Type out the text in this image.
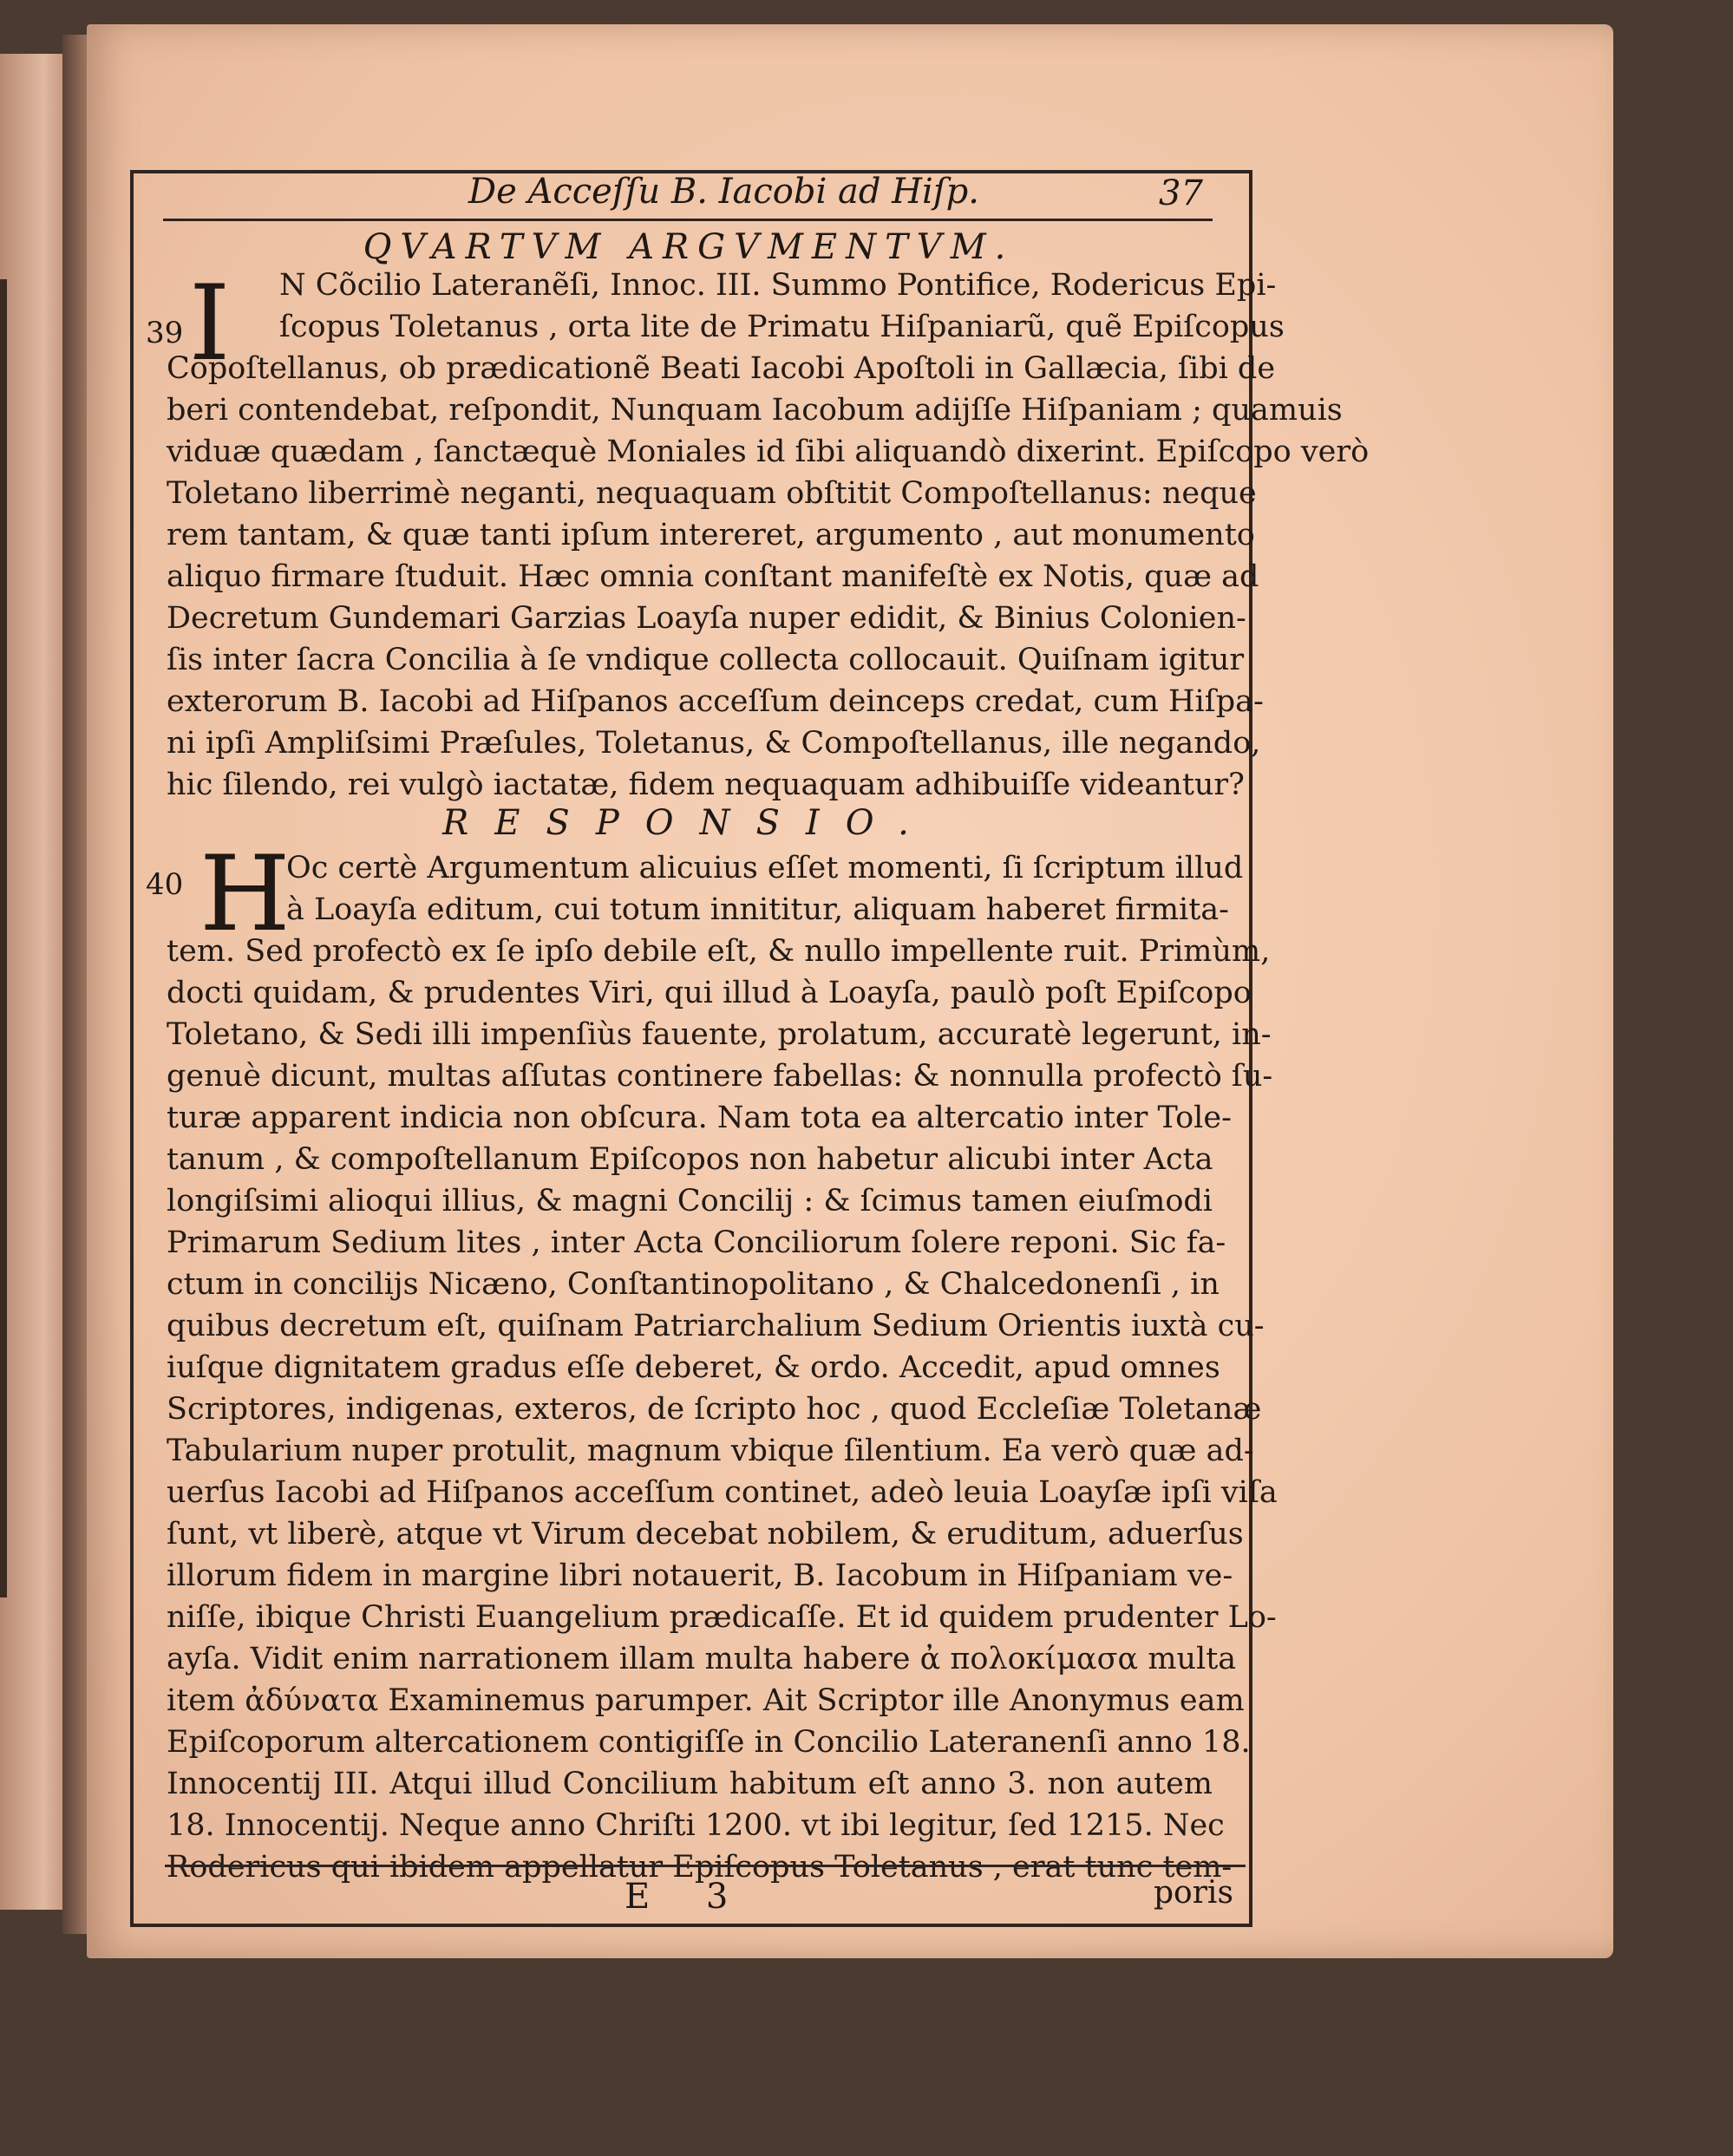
De Acceſſu B. Iacobi ad Hiſp.	37
QVARTVM ARGVMENTVM.
39 I
RESPONSIO.
40 H

N Cõcilio Lateranẽſi, Innoc. III. Summo Pontifice, Rodericus Epi-

ſcopus Toletanus , orta lite de Primatu Hiſpaniarũ, quẽ Epiſcopus

Cõpoſtellanus, ob prædicationẽ Beati Iacobi Apoſtoli in Gallæcia, ſibi de

beri contendebat, reſpondit, Nunquam Iacobum adijſſe Hiſpaniam ; quamuis

viduæ quædam , ſanctæquè Moniales id ſibi aliquandò dixerint. Epiſcopo verò

Toletano liberrimè neganti, nequaquam obſtitit Compoſtellanus: neque

rem tantam, & quæ tanti ipſum intereret, argumento , aut monumento

aliquo firmare ſtuduit. Hæc omnia conſtant manifeſtè ex Notis, quæ ad

Decretum Gundemari Garzias Loayſa nuper edidit, & Binius Colonien-

ſis inter ſacra Concilia à ſe vndique collecta collocauit. Quiſnam igitur

exterorum B. Iacobi ad Hiſpanos acceſſum deinceps credat, cum Hiſpa-

ni ipſi Ampliſsimi Præſules, Toletanus, & Compoſtellanus, ille negando,

hic ſilendo, rei vulgò iactatæ, fidem nequaquam adhibuiſſe videantur?

Oc certè Argumentum alicuius eſſet momenti, ſi ſcriptum illud

à Loayſa editum, cui totum innititur, aliquam haberet firmita-

tem. Sed profectò ex ſe ipſo debile eſt, & nullo impellente ruit. Primùm,

docti quidam, & prudentes Viri, qui illud à Loayſa, paulò poſt Epiſcopo

Toletano, & Sedi illi impenſiùs fauente, prolatum, accuratè legerunt, in-

genuè dicunt, multas aſſutas continere fabellas: & nonnulla profectò ſu-

turæ apparent indicia non obſcura. Nam tota ea altercatio inter Tole-

tanum , & compoſtellanum Epiſcopos non habetur alicubi inter Acta

longiſsimi alioqui illius, & magni Concilij : & ſcimus tamen eiuſmodi

Primarum Sedium lites , inter Acta Conciliorum ſolere reponi. Sic fa-

ctum in concilijs Nicæno, Conſtantinopolitano , & Chalcedonenſi , in

quibus decretum eſt, quiſnam Patriarchalium Sedium Orientis iuxtà cu-

iuſque dignitatem gradus eſſe deberet, & ordo. Accedit, apud omnes

Scriptores, indigenas, exteros, de ſcripto hoc , quod Eccleſiæ Toletanæ

Tabularium nuper protulit, magnum vbique ſilentium. Ea verò quæ ad-

uerſus Iacobi ad Hiſpanos acceſſum continet, adeò leuia Loayſæ ipſi viſa

ſunt, vt liberè, atque vt Virum decebat nobilem, & eruditum, aduerſus

illorum fidem in margine libri notauerit, B. Iacobum in Hiſpaniam ve-

niſſe, ibique Christi Euangelium prædicaſſe. Et id quidem prudenter Lo-

ayſa. Vidit enim narrationem illam multa habere ἀ πολοκίμασα multa

item ἀδύνατα Examinemus parumper. Ait Scriptor ille Anonymus eam

Epiſcoporum altercationem contigiſſe in Concilio Lateranenſi anno 18.

Innocentij III. Atqui illud Concilium habitum eſt anno 3. non autem

18. Innocentij. Neque anno Chriſti 1200. vt ibi legitur, ſed 1215. Nec

Rodericus qui ibidem appellatur Epiſcopus Toletanus , erat tunc tem-

E 3	poris
